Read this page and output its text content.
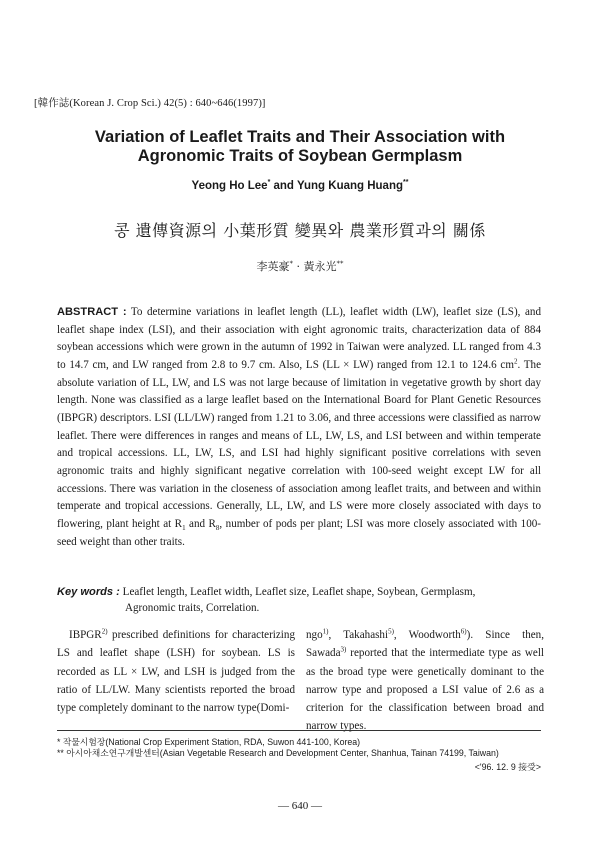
[韓作誌(Korean J. Crop Sci.) 42(5) : 640~646(1997)]
Variation of Leaflet Traits and Their Association with
Agronomic Traits of Soybean Germplasm
Yeong Ho Lee* and Yung Kuang Huang**
콩 遺傳資源의 小葉形質 變異와 農業形質과의 關係
李英豪* · 黃永光**
ABSTRACT : To determine variations in leaflet length (LL), leaflet width (LW), leaflet size (LS), and leaflet shape index (LSI), and their association with eight agronomic traits, characterization data of 884 soybean accessions which were grown in the autumn of 1992 in Taiwan were analyzed. LL ranged from 4.3 to 14.7 cm, and LW ranged from 2.8 to 9.7 cm. Also, LS (LL × LW) ranged from 12.1 to 124.6 $cm^2$. The absolute variation of LL, LW, and LS was not large because of limitation in vegetative growth by short day length. None was classified as a large leaflet based on the International Board for Plant Genetic Resources (IBPGR) descriptors. LSI (LL/LW) ranged from 1.21 to 3.06, and three accessions were classified as narrow leaflet. There were differences in ranges and means of LL, LW, LS, and LSI between and within temperate and tropical accessions. LL, LW, LS, and LSI had highly significant positive correlations with seven agronomic traits and highly significant negative correlation with 100-seed weight except LW for all accessions. There was variation in the closeness of association among leaflet traits, and between and within temperate and tropical accessions. Generally, LL, LW, and LS were more closely associated with days to flowering, plant height at $R_1$ and $R_8$, number of pods per plant; LSI was more closely associated with 100-seed weight than other traits.
Key words : Leaflet length, Leaflet width, Leaflet size, Leaflet shape, Soybean, Germplasm,
Agronomic traits, Correlation.
IBPGR$^{2)}$ prescribed definitions for characterizing LS and leaflet shape (LSH) for soybean. LS is recorded as LL × LW, and LSH is judged from the ratio of LL/LW. Many scientists reported the broad type completely dominant to the narrow type(Domi-
ngo$^{1)}$, Takahashi$^{5)}$, Woodworth$^{6)}$). Since then, Sawada$^{3)}$ reported that the intermediate type as well as the broad type were genetically dominant to the narrow type and proposed a LSI value of 2.6 as a criterion for the classification between broad and narrow types.
* 작물시험장(National Crop Experiment Station, RDA, Suwon 441-100, Korea)
** 아시아채소연구개발센터(Asian Vegetable Research and Development Center, Shanhua, Tainan 74199, Taiwan)
<'96. 12. 9 接受>
— 640 —
